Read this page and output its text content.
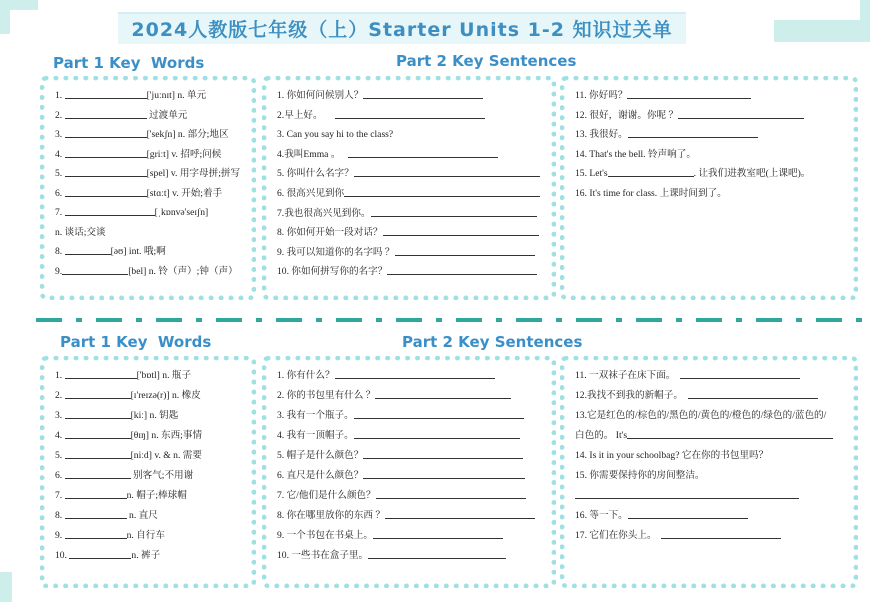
2024人教版七年级（上）Starter Units 1-2 知识过关单
Part 1 Key  Words	Part 2 Key Sentences
1.	['juːnɪt] n. 单元
2.	过渡单元
3.	['sekʃn] n. 部分;地区
4.	[griːt] v. 招呼;问候
5.	[spel] v. 用字母拼;拼写
6.	[stɑːt] v. 开始;着手
7.	[ˌkɒnvə'seɪʃn]
n. 谈话;交谈
8.	[əʊ] int. 哦;啊
9.	[bel] n. 铃（声）;钟（声）
1. 你如何问候别人？
2.早上好。
3. Can you say hi to the class?
4.我叫Emma 。
5. 你叫什么名字？
6. 很高兴见到你
7.我也很高兴见到你。
8. 你如何开始一段对话？
9. 我可以知道你的名字吗 ？
10. 你如何拼写你的名字？
11. 你好吗？
12. 很好，谢谢。你呢 ？
13. 我很好。
14. That's the bell. 铃声响了。
15. Let's	. 让我们进教室吧(上课吧)。
16. It's time for class. 上课时间到了。
Part 1 Key  Words	Part 2 Key Sentences
1.	['bɒtl] n. 瓶子
2.	[ɪ'reɪzə(r)] n. 橡皮
3.	[kiː] n. 钥匙
4.	[θɪŋ] n. 东西;事情
5.	[niːd] v. & n. 需要
6.	别客气;不用谢
7.	n. 帽子;棒球帽
8.	n. 直尺
9.	n. 自行车
10.	n. 裤子
1. 你有什么？
2. 你的书包里有什么 ？
3. 我有一个瓶子。
4. 我有一顶帽子。
5. 帽子是什么颜色？
6. 直尺是什么颜色？
7. 它/他们是什么颜色？
8. 你在哪里放你的东西 ？
9. 一个书包在书桌上。
10. 一些书在盒子里。
11. 一双袜子在床下面。
12.我找不到我的新帽子。
13.它是红色的/棕色的/黑色的/黄色的/橙色的/绿色的/蓝色的/
白色的。 It's
14. Is it in your schoolbag? 它在你的书包里吗？
15. 你需要保持你的房间整洁。
16. 等一下。
17. 它们在你头上。
